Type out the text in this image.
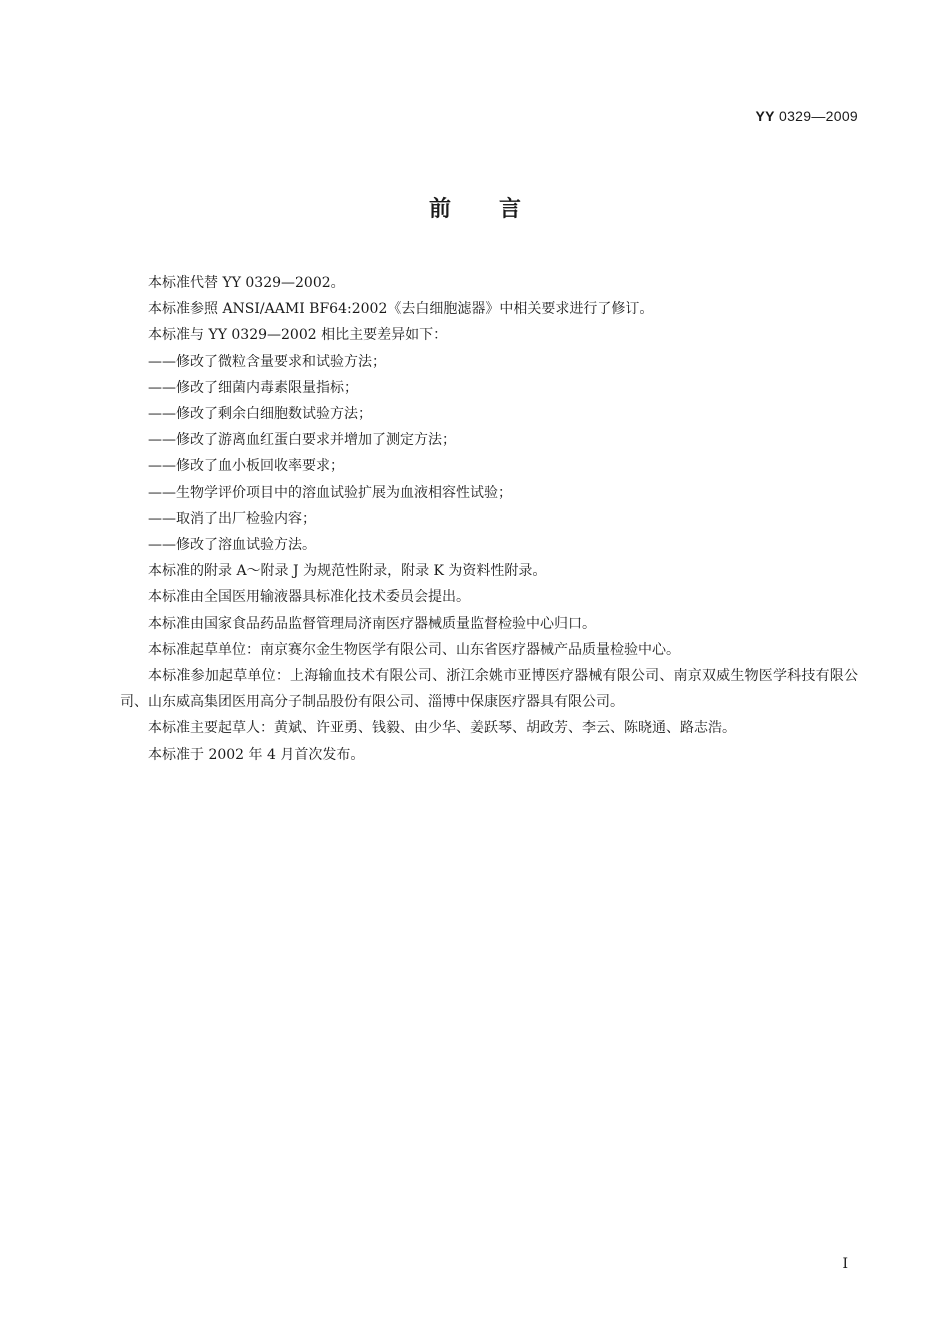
YY 0329—2009
前言

本标准代替 YY 0329—2002。

本标准参照 ANSI/AAMI BF64:2002《去白细胞滤器》中相关要求进行了修订。

本标准与 YY 0329—2002 相比主要差异如下：

——修改了微粒含量要求和试验方法；

——修改了细菌内毒素限量指标；

——修改了剩余白细胞数试验方法；

——修改了游离血红蛋白要求并增加了测定方法；

——修改了血小板回收率要求；

——生物学评价项目中的溶血试验扩展为血液相容性试验；

——取消了出厂检验内容；

——修改了溶血试验方法。

本标准的附录 A～附录 J 为规范性附录，附录 K 为资料性附录。

本标准由全国医用输液器具标准化技术委员会提出。

本标准由国家食品药品监督管理局济南医疗器械质量监督检验中心归口。

本标准起草单位：南京赛尔金生物医学有限公司、山东省医疗器械产品质量检验中心。

本标准参加起草单位：上海输血技术有限公司、浙江余姚市亚博医疗器械有限公司、南京双威生物医学科技有限公司、山东威高集团医用高分子制品股份有限公司、淄博中保康医疗器具有限公司。

本标准主要起草人：黄斌、许亚勇、钱毅、由少华、姜跃琴、胡政芳、李云、陈晓通、路志浩。

本标准于 2002 年 4 月首次发布。

I
